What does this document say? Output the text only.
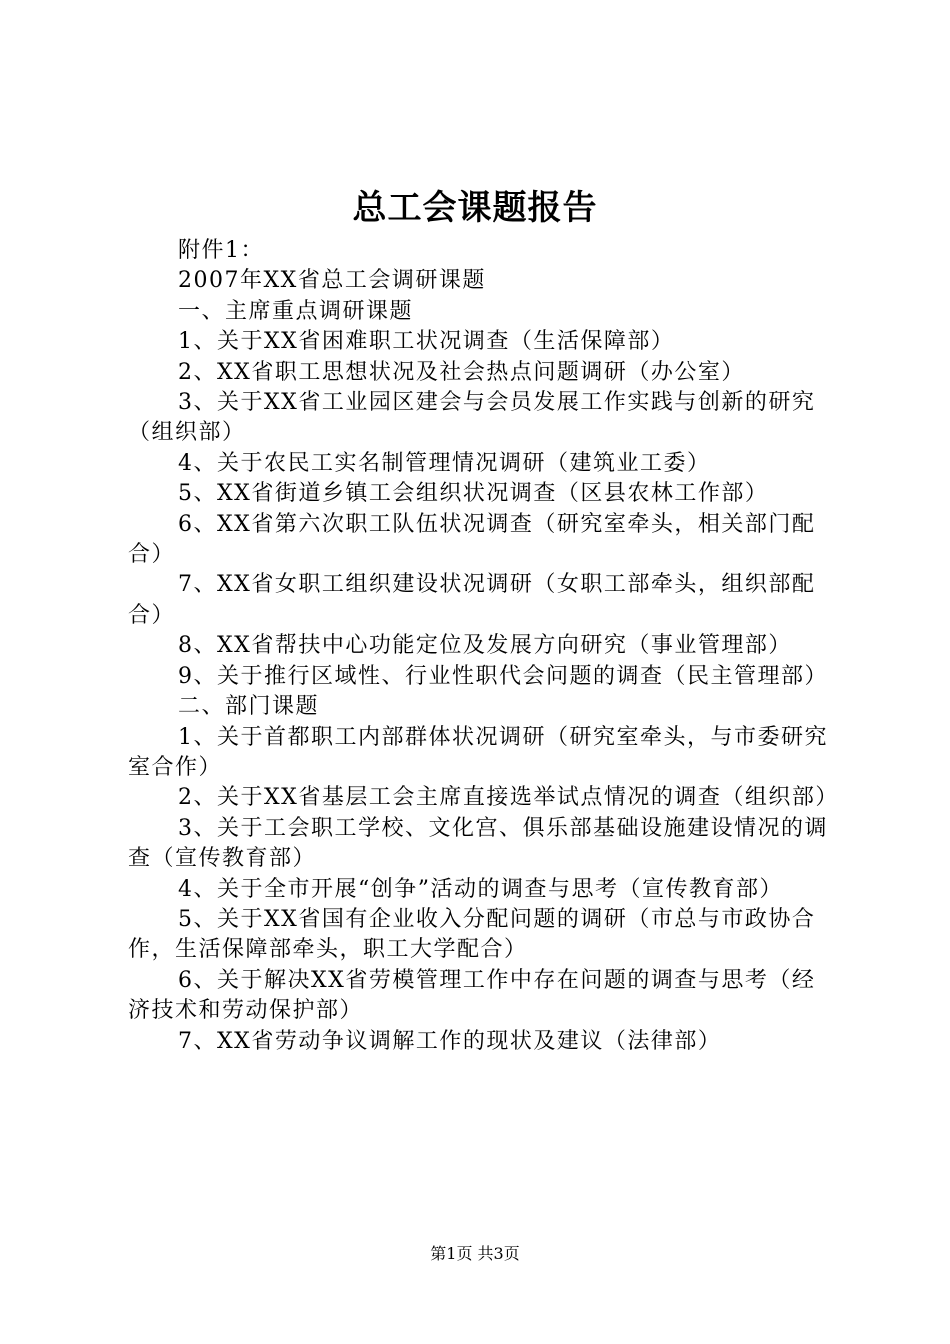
总工会课题报告

附件1：

2007年XX省总工会调研课题

一、主席重点调研课题

1、关于XX省困难职工状况调查（生活保障部）

2、XX省职工思想状况及社会热点问题调研（办公室）

3、关于XX省工业园区建会与会员发展工作实践与创新的研究（组织部）

4、关于农民工实名制管理情况调研（建筑业工委）

5、XX省街道乡镇工会组织状况调查（区县农林工作部）

6、XX省第六次职工队伍状况调查（研究室牵头，相关部门配合）

7、XX省女职工组织建设状况调研（女职工部牵头，组织部配合）

8、XX省帮扶中心功能定位及发展方向研究（事业管理部）

9、关于推行区域性、行业性职代会问题的调查（民主管理部）

二、部门课题

1、关于首都职工内部群体状况调研（研究室牵头，与市委研究室合作）

2、关于XX省基层工会主席直接选举试点情况的调查（组织部）

3、关于工会职工学校、文化宫、俱乐部基础设施建设情况的调查（宣传教育部）

4、关于全市开展“创争”活动的调查与思考（宣传教育部）

5、关于XX省国有企业收入分配问题的调研（市总与市政协合作，生活保障部牵头，职工大学配合）

6、关于解决XX省劳模管理工作中存在问题的调查与思考（经济技术和劳动保护部）

7、XX省劳动争议调解工作的现状及建议（法律部）

第1页 共3页
